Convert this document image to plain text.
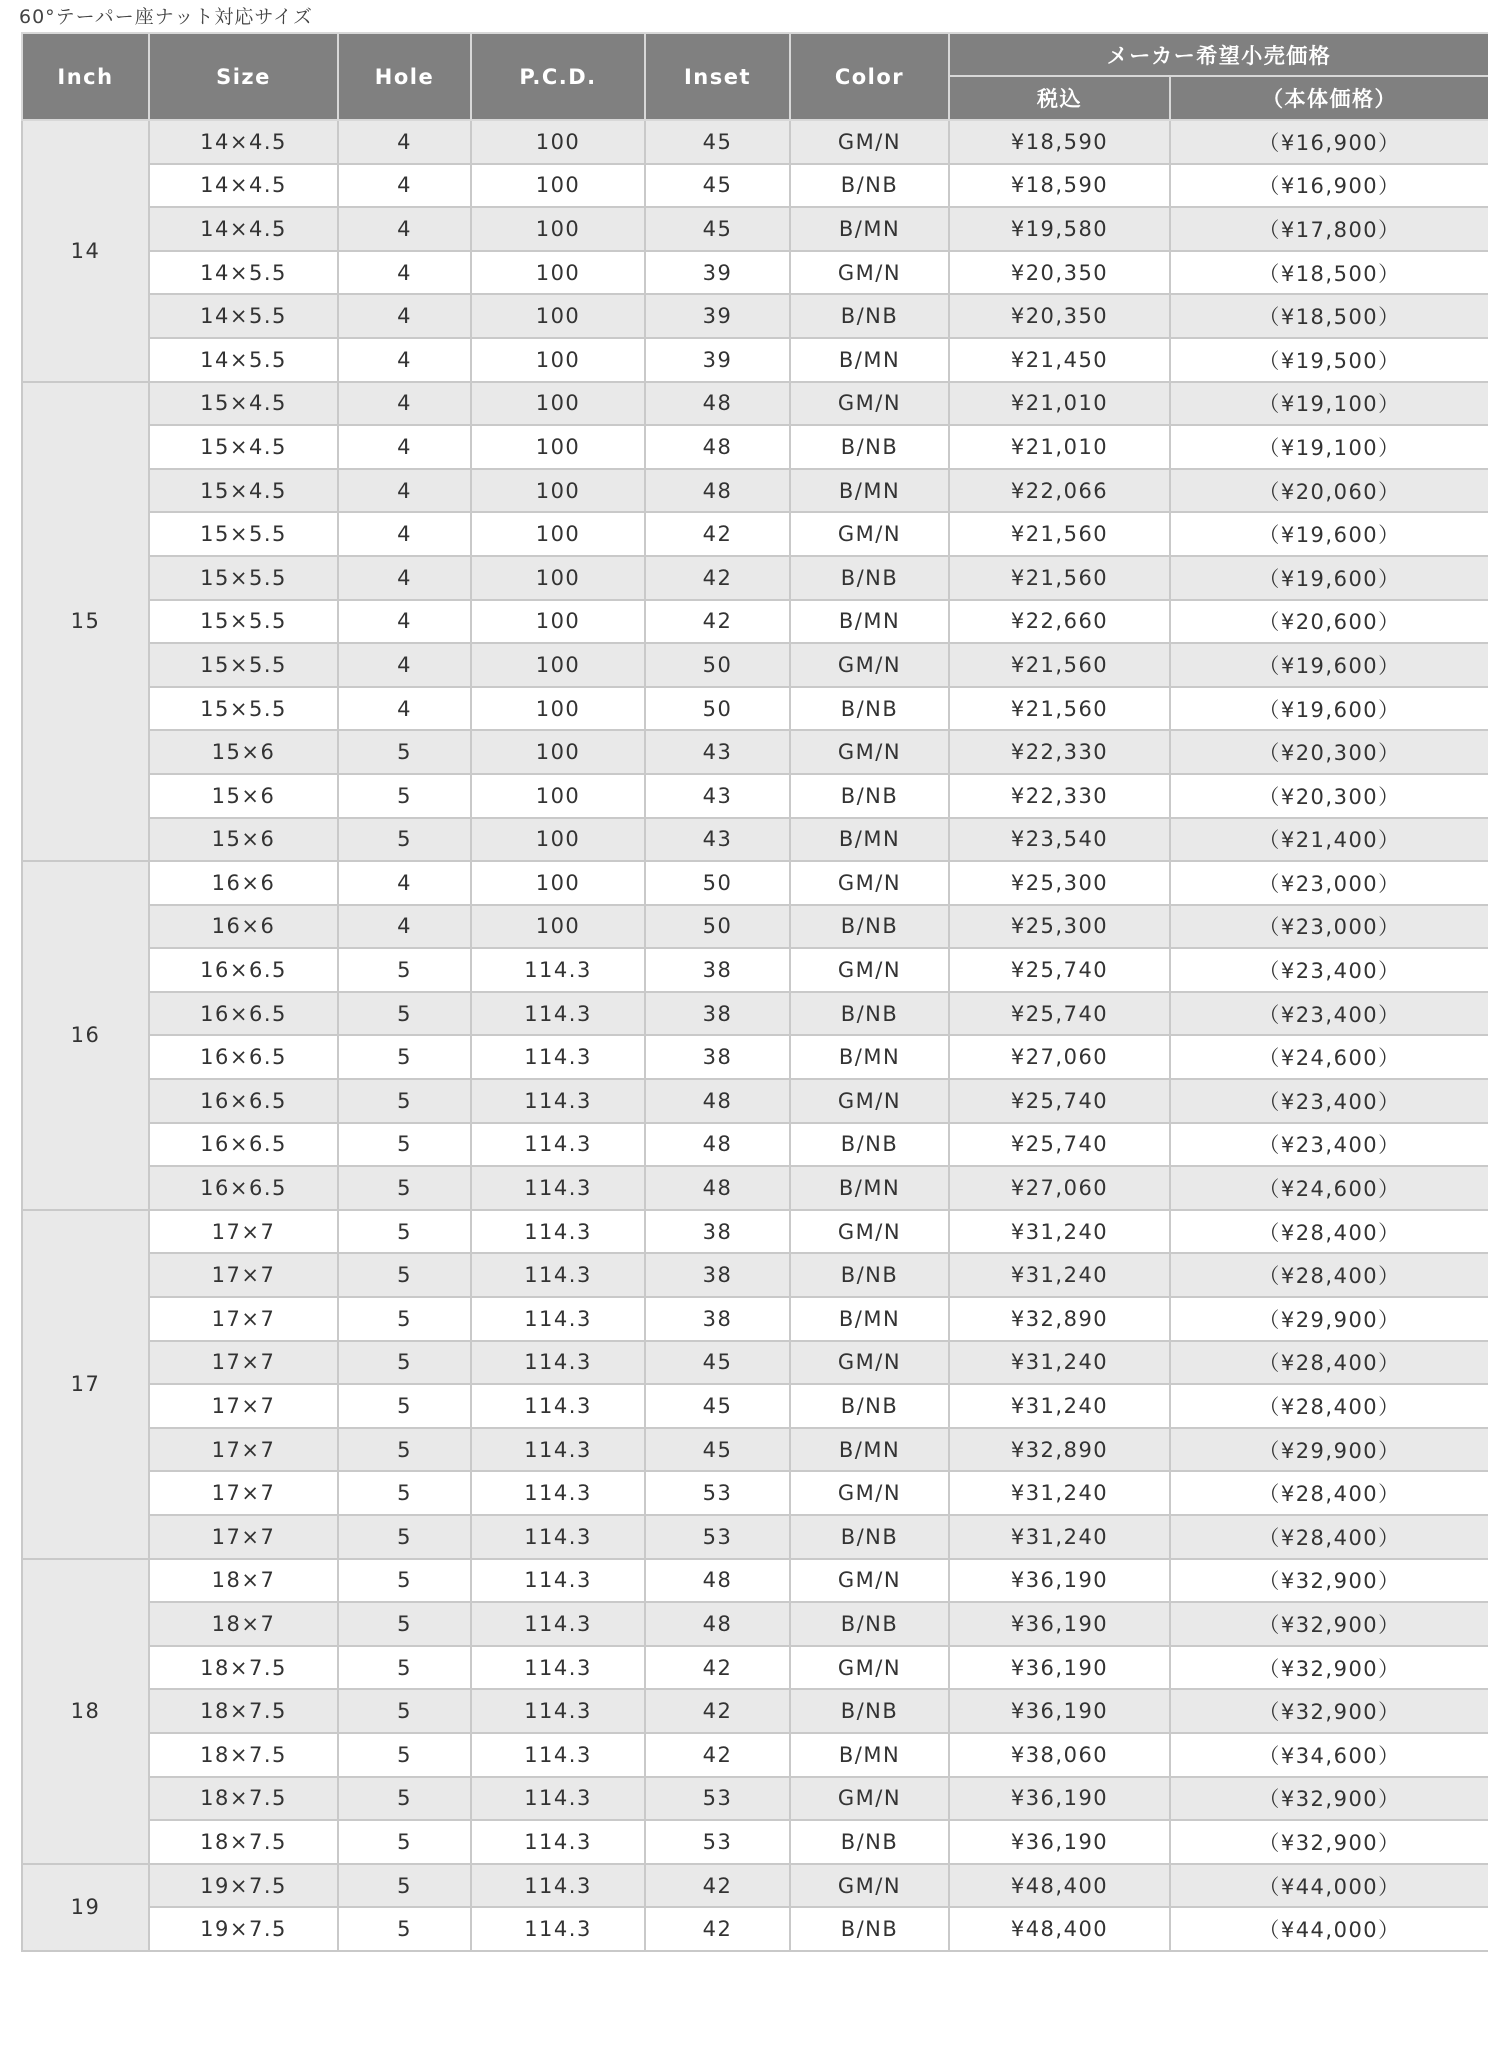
60°テーパー座ナット対応サイズ
Inch	Size	Hole	P.C.D.	Inset	Color	メーカー希望小売価格	
						税込	（本体価格）
14	14×4.5	4	100	45	GM/N	¥18,590	（¥16,900）
	14×4.5	4	100	45	B/NB	¥18,590	（¥16,900）
	14×4.5	4	100	45	B/MN	¥19,580	（¥17,800）
	14×5.5	4	100	39	GM/N	¥20,350	（¥18,500）
	14×5.5	4	100	39	B/NB	¥20,350	（¥18,500）
	14×5.5	4	100	39	B/MN	¥21,450	（¥19,500）
15	15×4.5	4	100	48	GM/N	¥21,010	（¥19,100）
	15×4.5	4	100	48	B/NB	¥21,010	（¥19,100）
	15×4.5	4	100	48	B/MN	¥22,066	（¥20,060）
	15×5.5	4	100	42	GM/N	¥21,560	（¥19,600）
	15×5.5	4	100	42	B/NB	¥21,560	（¥19,600）
	15×5.5	4	100	42	B/MN	¥22,660	（¥20,600）
	15×5.5	4	100	50	GM/N	¥21,560	（¥19,600）
	15×5.5	4	100	50	B/NB	¥21,560	（¥19,600）
	15×6	5	100	43	GM/N	¥22,330	（¥20,300）
	15×6	5	100	43	B/NB	¥22,330	（¥20,300）
	15×6	5	100	43	B/MN	¥23,540	（¥21,400）
16	16×6	4	100	50	GM/N	¥25,300	（¥23,000）
	16×6	4	100	50	B/NB	¥25,300	（¥23,000）
	16×6.5	5	114.3	38	GM/N	¥25,740	（¥23,400）
	16×6.5	5	114.3	38	B/NB	¥25,740	（¥23,400）
	16×6.5	5	114.3	38	B/MN	¥27,060	（¥24,600）
	16×6.5	5	114.3	48	GM/N	¥25,740	（¥23,400）
	16×6.5	5	114.3	48	B/NB	¥25,740	（¥23,400）
	16×6.5	5	114.3	48	B/MN	¥27,060	（¥24,600）
17	17×7	5	114.3	38	GM/N	¥31,240	（¥28,400）
	17×7	5	114.3	38	B/NB	¥31,240	（¥28,400）
	17×7	5	114.3	38	B/MN	¥32,890	（¥29,900）
	17×7	5	114.3	45	GM/N	¥31,240	（¥28,400）
	17×7	5	114.3	45	B/NB	¥31,240	（¥28,400）
	17×7	5	114.3	45	B/MN	¥32,890	（¥29,900）
	17×7	5	114.3	53	GM/N	¥31,240	（¥28,400）
	17×7	5	114.3	53	B/NB	¥31,240	（¥28,400）
18	18×7	5	114.3	48	GM/N	¥36,190	（¥32,900）
	18×7	5	114.3	48	B/NB	¥36,190	（¥32,900）
	18×7.5	5	114.3	42	GM/N	¥36,190	（¥32,900）
	18×7.5	5	114.3	42	B/NB	¥36,190	（¥32,900）
	18×7.5	5	114.3	42	B/MN	¥38,060	（¥34,600）
	18×7.5	5	114.3	53	GM/N	¥36,190	（¥32,900）
	18×7.5	5	114.3	53	B/NB	¥36,190	（¥32,900）
19	19×7.5	5	114.3	42	GM/N	¥48,400	（¥44,000）
	19×7.5	5	114.3	42	B/NB	¥48,400	（¥44,000）
